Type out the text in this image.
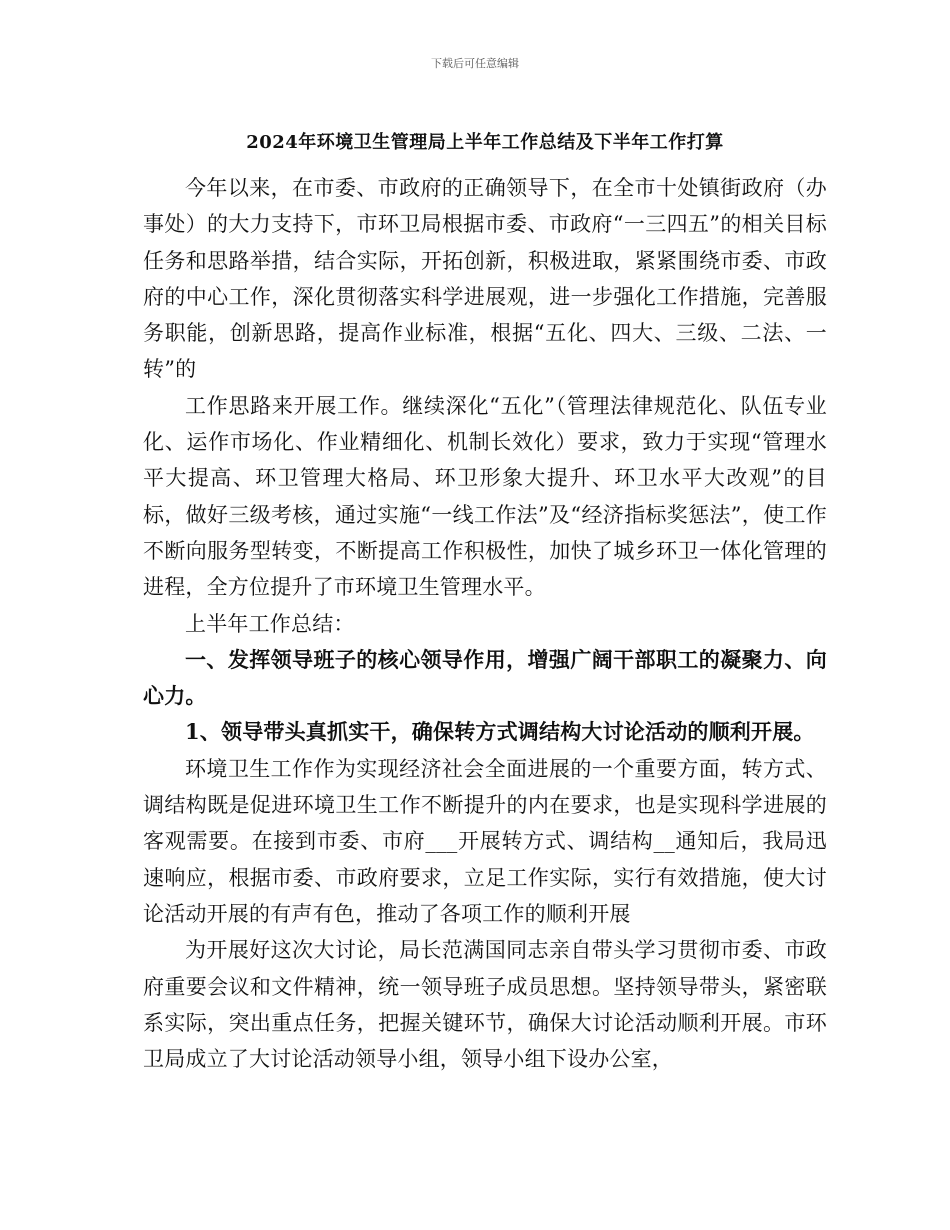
下载后可任意编辑
2024年环境卫生管理局上半年工作总结及下半年工作打算

今年以来，在市委、市政府的正确领导下，在全市十处镇街政府（办事处）的大力支持下，市环卫局根据市委、市政府“一三四五”的相关目标任务和思路举措，结合实际，开拓创新，积极进取，紧紧围绕市委、市政府的中心工作，深化贯彻落实科学进展观，进一步强化工作措施，完善服务职能，创新思路，提高作业标准，根据“五化、四大、三级、二法、一转”的

工作思路来开展工作。继续深化“五化”（管理法律规范化、队伍专业化、运作市场化、作业精细化、机制长效化）要求，致力于实现“管理水平大提高、环卫管理大格局、环卫形象大提升、环卫水平大改观”的目标，做好三级考核，通过实施“一线工作法”及“经济指标奖惩法”，使工作不断向服务型转变，不断提高工作积极性，加快了城乡环卫一体化管理的进程，全方位提升了市环境卫生管理水平。

上半年工作总结：

一、发挥领导班子的核心领导作用，增强广阔干部职工的凝聚力、向心力。

1、领导带头真抓实干，确保转方式调结构大讨论活动的顺利开展。

环境卫生工作作为实现经济社会全面进展的一个重要方面，转方式、调结构既是促进环境卫生工作不断提升的内在要求，也是实现科学进展的客观需要。在接到市委、市府___开展转方式、调结构__通知后，我局迅速响应，根据市委、市政府要求，立足工作实际，实行有效措施，使大讨论活动开展的有声有色，推动了各项工作的顺利开展

为开展好这次大讨论，局长范满国同志亲自带头学习贯彻市委、市政府重要会议和文件精神，统一领导班子成员思想。坚持领导带头，紧密联系实际，突出重点任务，把握关键环节，确保大讨论活动顺利开展。市环卫局成立了大讨论活动领导小组，领导小组下设办公室，
